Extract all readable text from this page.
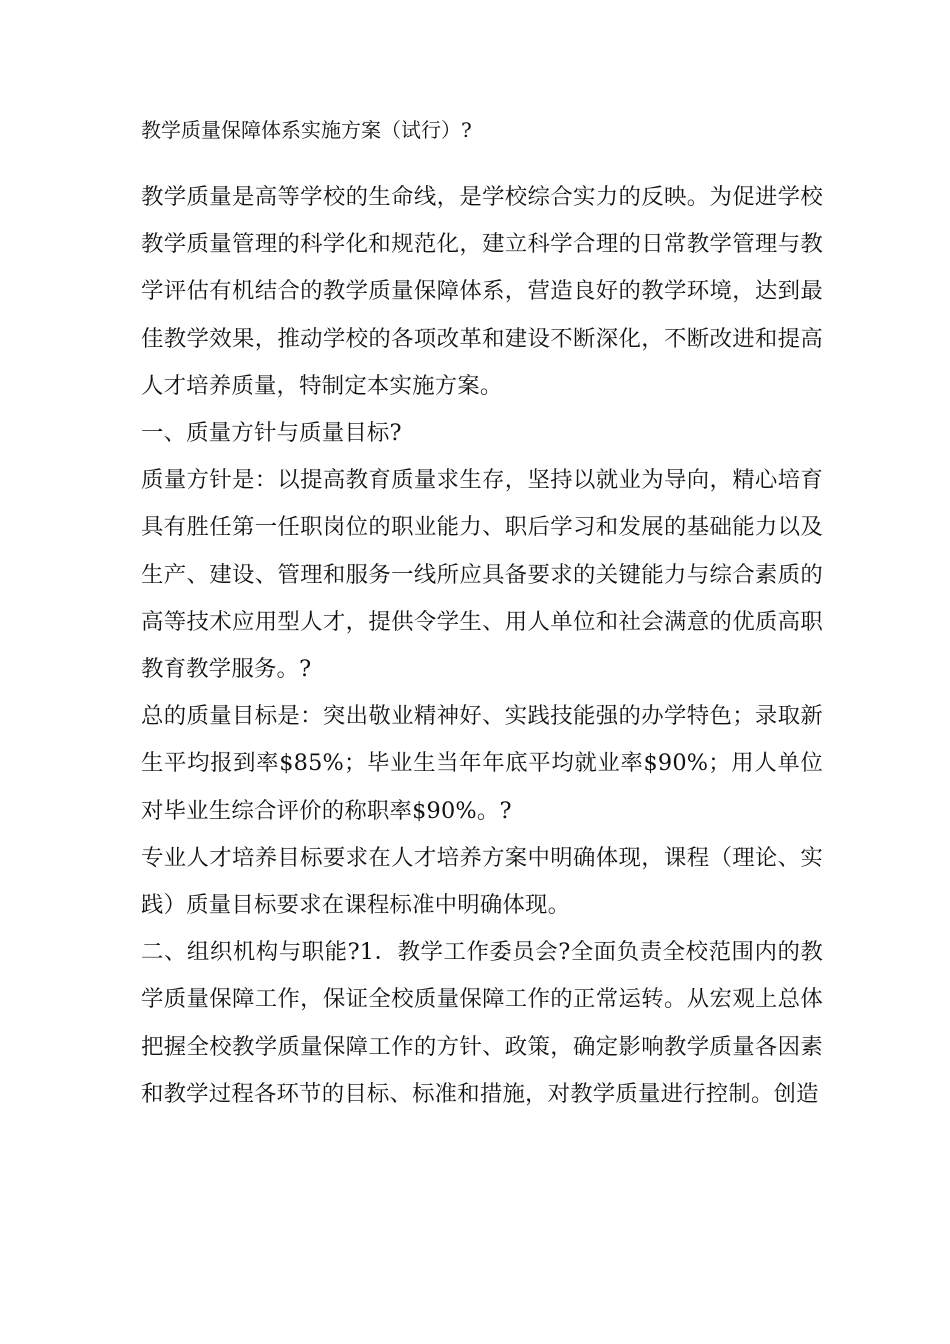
教学质量保障体系实施方案（试行）?

教学质量是高等学校的生命线，是学校综合实力的反映。为促进学校教学质量管理的科学化和规范化，建立科学合理的日常教学管理与教学评估有机结合的教学质量保障体系，营造良好的教学环境，达到最佳教学效果，推动学校的各项改革和建设不断深化，不断改进和提高人才培养质量，特制定本实施方案。

一、质量方针与质量目标?

质量方针是：以提高教育质量求生存，坚持以就业为导向，精心培育具有胜任第一任职岗位的职业能力、职后学习和发展的基础能力以及生产、建设、管理和服务一线所应具备要求的关键能力与综合素质的高等技术应用型人才，提供令学生、用人单位和社会满意的优质高职教育教学服务。?

总的质量目标是：突出敬业精神好、实践技能强的办学特色；录取新生平均报到率$85%；毕业生当年年底平均就业率$90%；用人单位对毕业生综合评价的称职率$90%。?

专业人才培养目标要求在人才培养方案中明确体现，课程（理论、实践）质量目标要求在课程标准中明确体现。

二、组织机构与职能?1．教学工作委员会?全面负责全校范围内的教学质量保障工作，保证全校质量保障工作的正常运转。从宏观上总体把握全校教学质量保障工作的方针、政策，确定影响教学质量各因素和教学过程各环节的目标、标准和措施，对教学质量进行控制。创造
